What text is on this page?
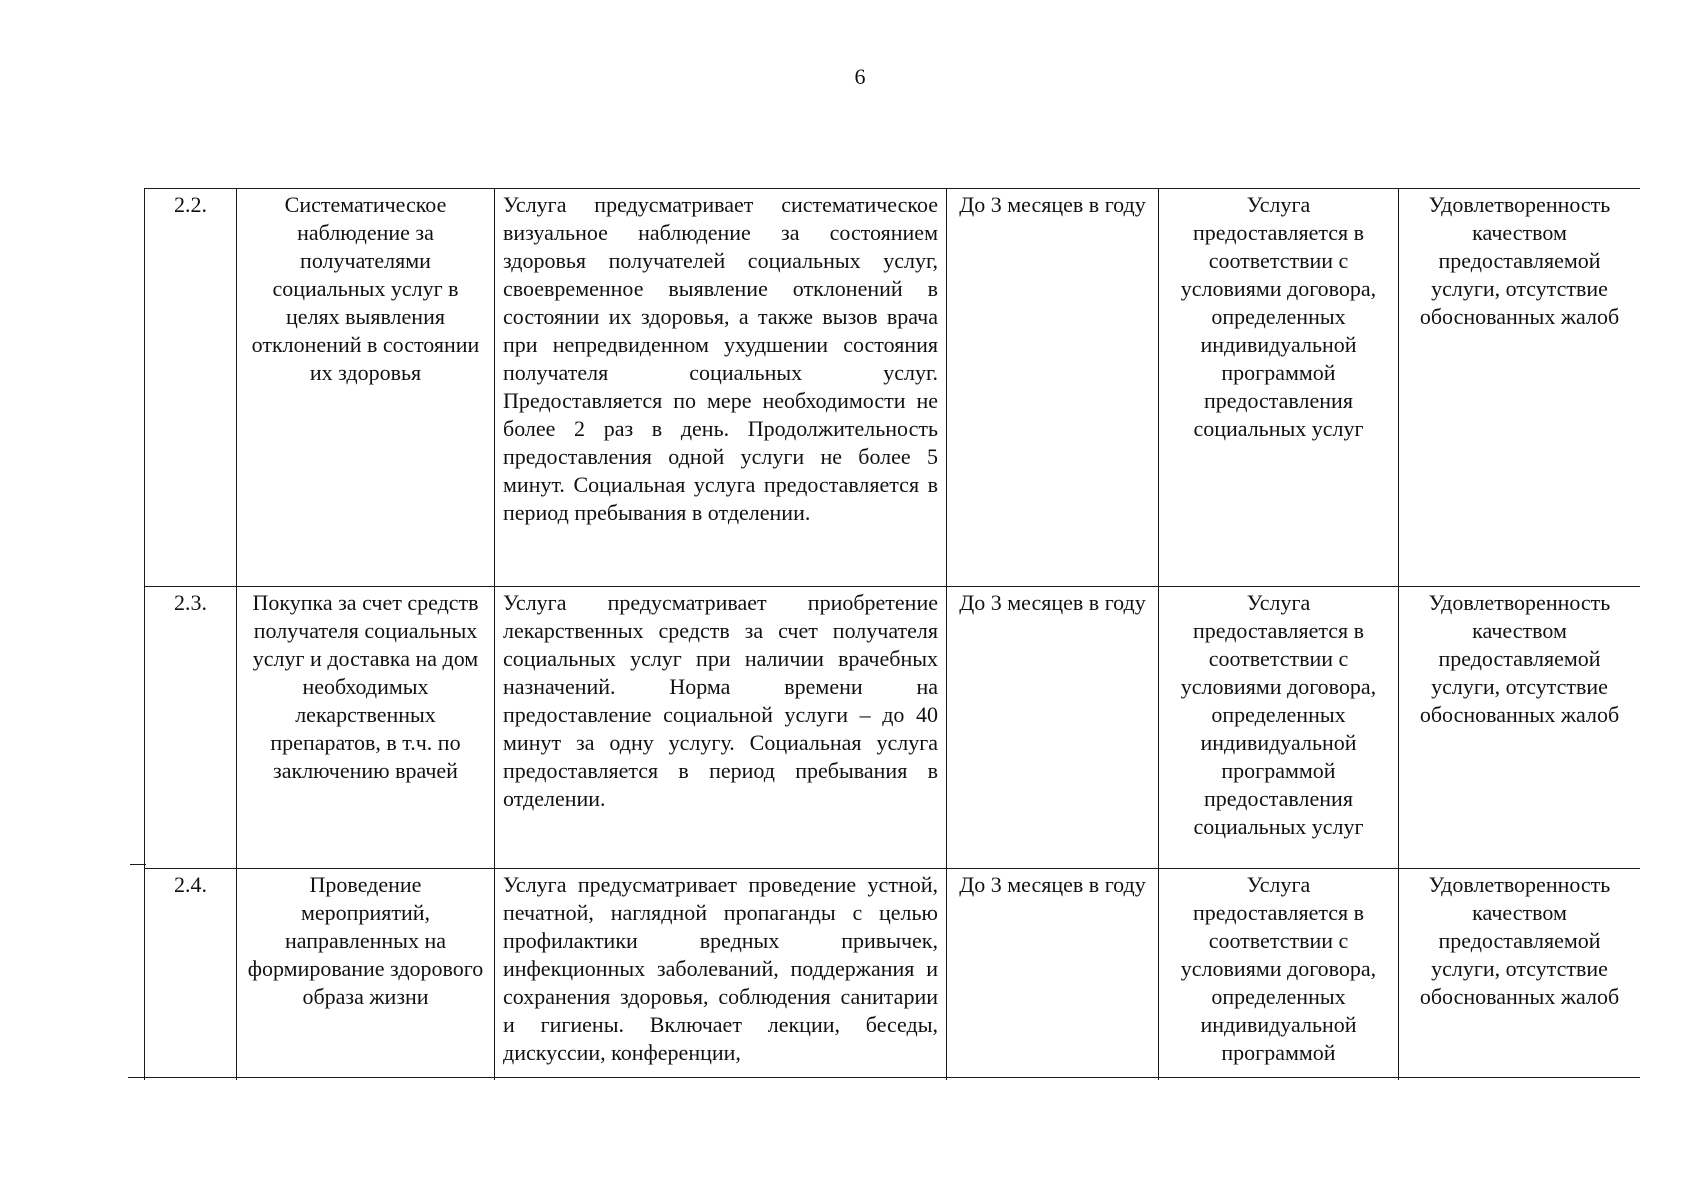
6
2.2.	Систематическое наблюдение за получателями социальных услуг в целях выявления отклонений в состоянии их здоровья	Услуга предусматривает систематическое визуальное наблюдение за состоянием здоровья получателей социальных услуг, своевременное выявление отклонений в состоянии их здоровья, а также вызов врача при непредвиденном ухудшении состояния получателя социальных услуг. Предоставляется по мере необходимости не более 2 раз в день. Продолжительность предоставления одной услуги не более 5 минут. Социальная услуга предоставляется в период пребывания в отделении.	До 3 месяцев в году	Услуга предоставляется в соответствии с условиями договора, определенных индивидуальной программой предоставления социальных услуг	Удовлетворенность качеством предоставляемой услуги, отсутствие обоснованных жалоб
2.3.	Покупка за счет средств получателя социальных услуг и доставка на дом необходимых лекарственных препаратов, в т.ч. по заключению врачей	Услуга предусматривает приобретение лекарственных средств за счет получателя социальных услуг при наличии врачебных назначений. Норма времени на предоставление социальной услуги – до 40 минут за одну услугу. Социальная услуга предоставляется в период пребывания в отделении.	До 3 месяцев в году	Услуга предоставляется в соответствии с условиями договора, определенных индивидуальной программой предоставления социальных услуг	Удовлетворенность качеством предоставляемой услуги, отсутствие обоснованных жалоб
2.4.	Проведение мероприятий, направленных на формирование здорового образа жизни	Услуга предусматривает проведение устной, печатной, наглядной пропаганды с целью профилактики вредных привычек, инфекционных заболеваний, поддержания и сохранения здоровья, соблюдения санитарии и гигиены. Включает лекции, беседы, дискуссии, конференции,	До 3 месяцев в году	Услуга предоставляется в соответствии с условиями договора, определенных индивидуальной программой	Удовлетворенность качеством предоставляемой услуги, отсутствие обоснованных жалоб
